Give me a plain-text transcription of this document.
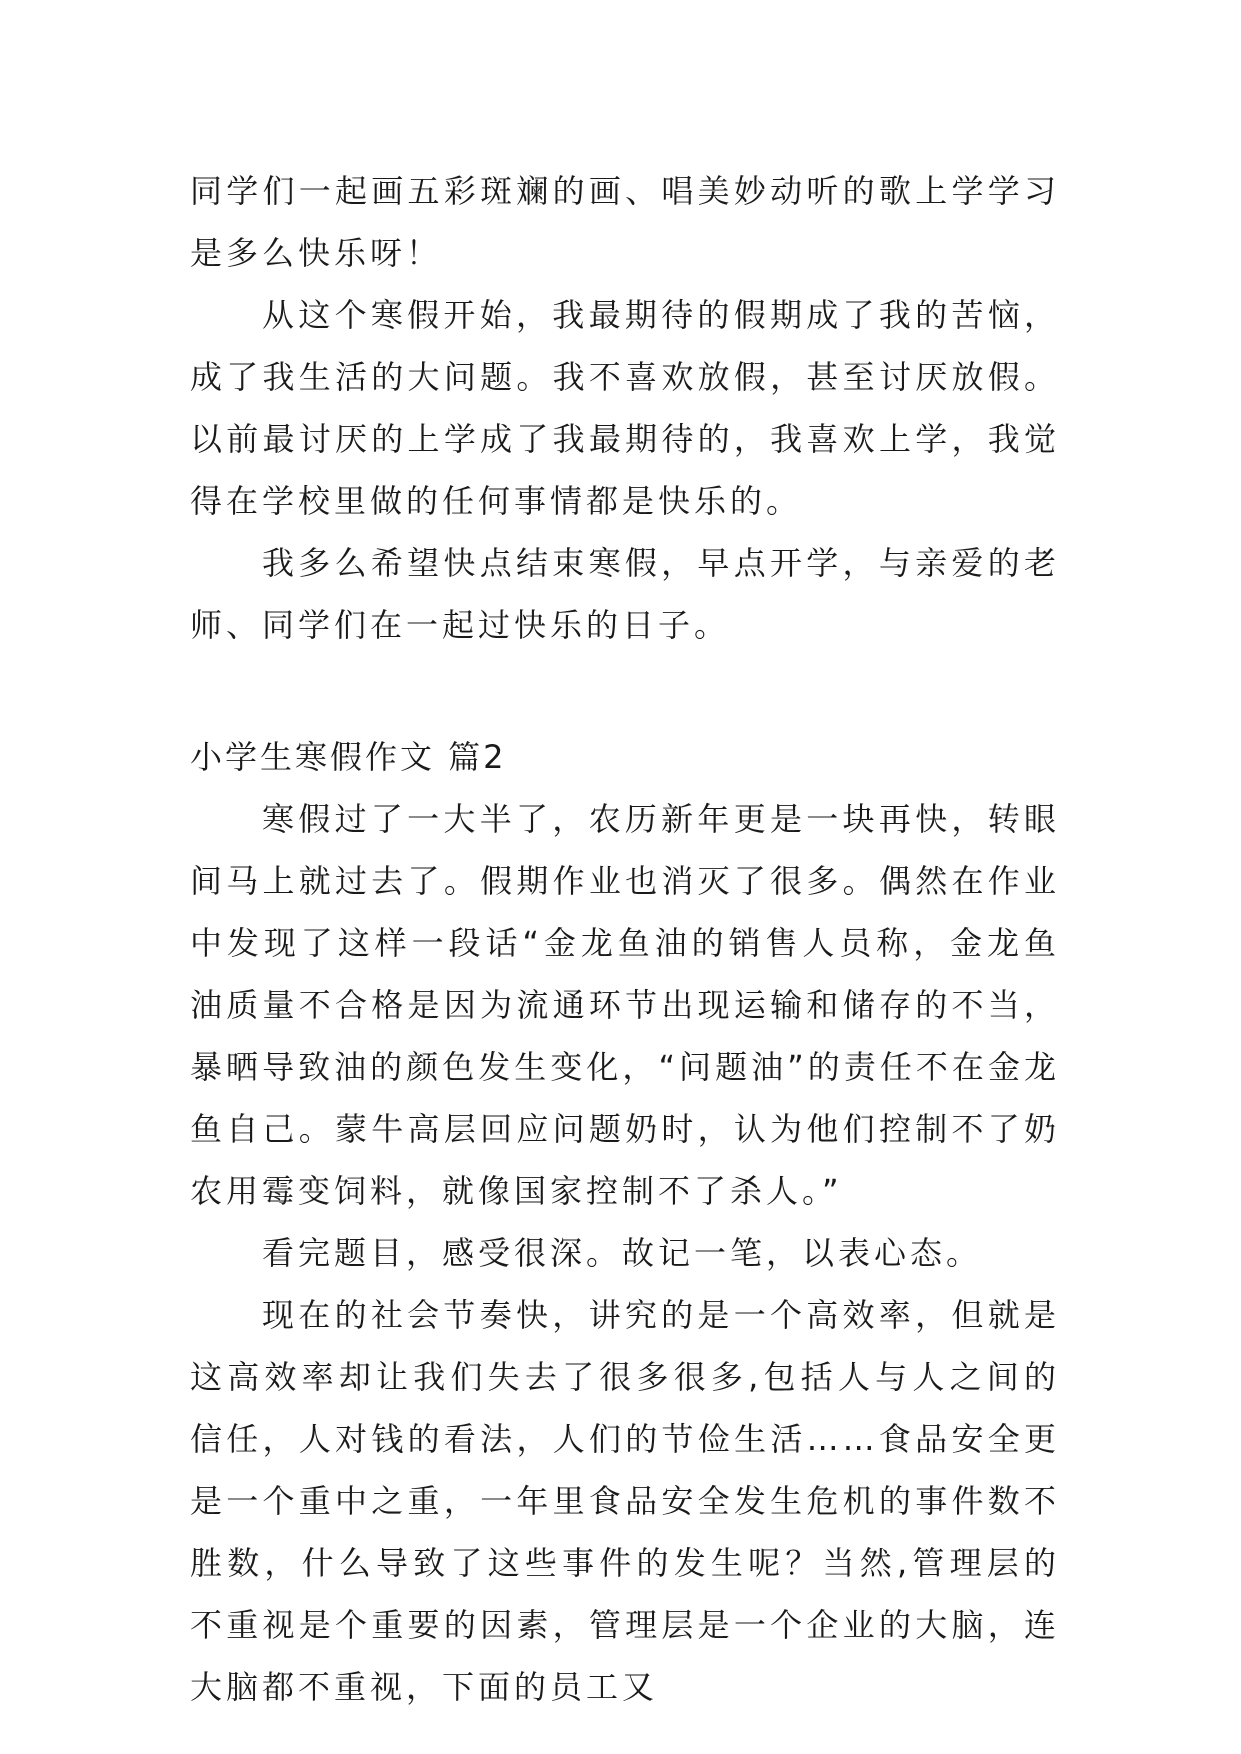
同学们一起画五彩斑斓的画、唱美妙动听的歌上学学习是多么快乐呀！

从这个寒假开始，我最期待的假期成了我的苦恼，成了我生活的大问题。我不喜欢放假，甚至讨厌放假。以前最讨厌的上学成了我最期待的，我喜欢上学，我觉得在学校里做的任何事情都是快乐的。

我多么希望快点结束寒假，早点开学，与亲爱的老师、同学们在一起过快乐的日子。

小学生寒假作文 篇2

寒假过了一大半了，农历新年更是一块再快，转眼间马上就过去了。假期作业也消灭了很多。偶然在作业中发现了这样一段话“金龙鱼油的销售人员称，金龙鱼油质量不合格是因为流通环节出现运输和储存的不当，暴晒导致油的颜色发生变化，“问题油”的责任不在金龙鱼自己。蒙牛高层回应问题奶时，认为他们控制不了奶农用霉变饲料，就像国家控制不了杀人。”

看完题目，感受很深。故记一笔，以表心态。

现在的社会节奏快，讲究的是一个高效率，但就是这高效率却让我们失去了很多很多,包括人与人之间的信任，人对钱的看法，人们的节俭生活……食品安全更是一个重中之重，一年里食品安全发生危机的事件数不胜数，什么导致了这些事件的发生呢？当然,管理层的不重视是个重要的因素，管理层是一个企业的大脑，连大脑都不重视，下面的员工又
